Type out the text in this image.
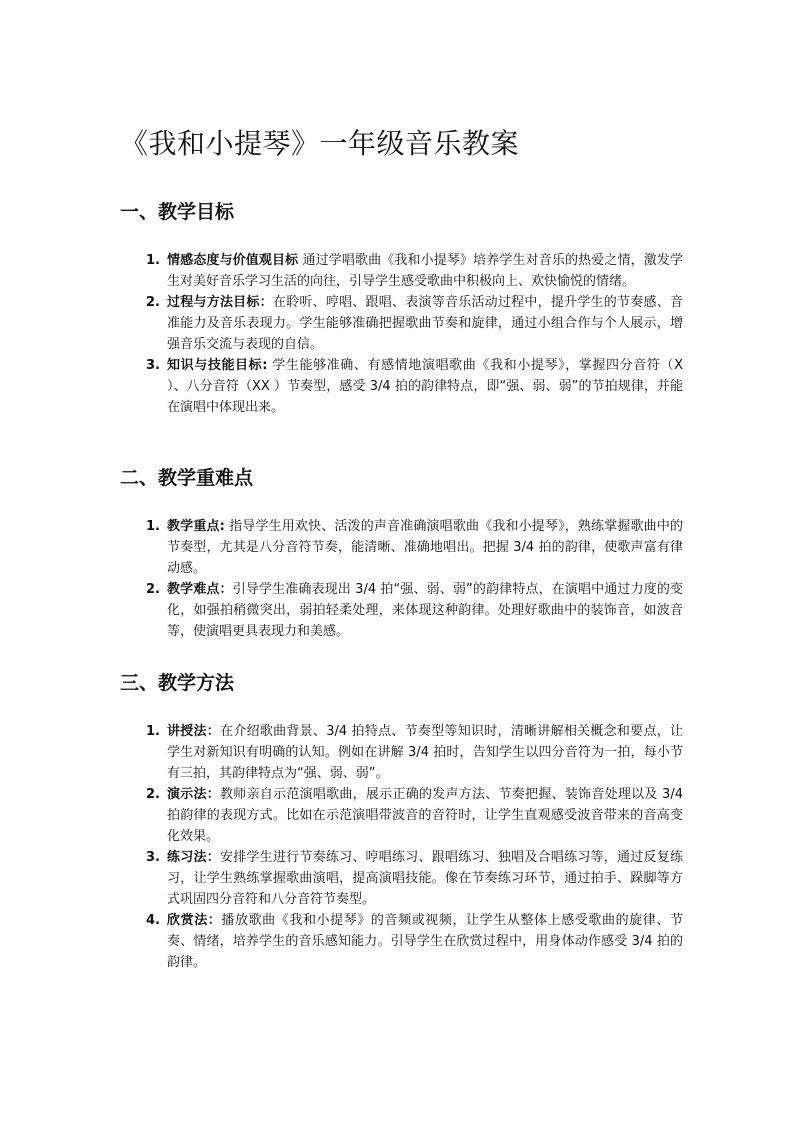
《我和小提琴》一年级音乐教案
一、教学目标
1. 情感态度与价值观目标 通过学唱歌曲《我和小提琴》培养学生对音乐的热爱之情，激发学生对美好音乐学习生活的向往，引导学生感受歌曲中积极向上、欢快愉悦的情绪。
2. 过程与方法目标：在聆听、哼唱、跟唱、表演等音乐活动过程中，提升学生的节奏感、音准能力及音乐表现力。学生能够准确把握歌曲节奏和旋律，通过小组合作与个人展示，增强音乐交流与表现的自信。
3. 知识与技能目标: 学生能够准确、有感情地演唱歌曲《我和小提琴》，掌握四分音符（X ）、八分音符（XX ）节奏型，感受 3/4 拍的韵律特点，即“强、弱、弱”的节拍规律，并能在演唱中体现出来。
二、教学重难点
1. 教学重点: 指导学生用欢快、活泼的声音准确演唱歌曲《我和小提琴》，熟练掌握歌曲中的节奏型，尤其是八分音符节奏，能清晰、准确地唱出。把握 3/4 拍的韵律，使歌声富有律动感。
2. 教学难点：引导学生准确表现出 3/4 拍“强、弱、弱”的韵律特点，在演唱中通过力度的变化，如强拍稍微突出，弱拍轻柔处理，来体现这种韵律。处理好歌曲中的装饰音，如波音等，使演唱更具表现力和美感。
三、教学方法
1. 讲授法：在介绍歌曲背景、3/4 拍特点、节奏型等知识时，清晰讲解相关概念和要点，让学生对新知识有明确的认知。例如在讲解 3/4 拍时，告知学生以四分音符为一拍，每小节有三拍，其韵律特点为“强、弱、弱”。
2. 演示法：教师亲自示范演唱歌曲，展示正确的发声方法、节奏把握、装饰音处理以及 3/4 拍韵律的表现方式。比如在示范演唱带波音的音符时，让学生直观感受波音带来的音高变化效果。
3. 练习法：安排学生进行节奏练习、哼唱练习、跟唱练习、独唱及合唱练习等，通过反复练习，让学生熟练掌握歌曲演唱，提高演唱技能。像在节奏练习环节，通过拍手、跺脚等方式巩固四分音符和八分音符节奏型。
4. 欣赏法：播放歌曲《我和小提琴》的音频或视频，让学生从整体上感受歌曲的旋律、节奏、情绪，培养学生的音乐感知能力。引导学生在欣赏过程中，用身体动作感受 3/4 拍的韵律。
